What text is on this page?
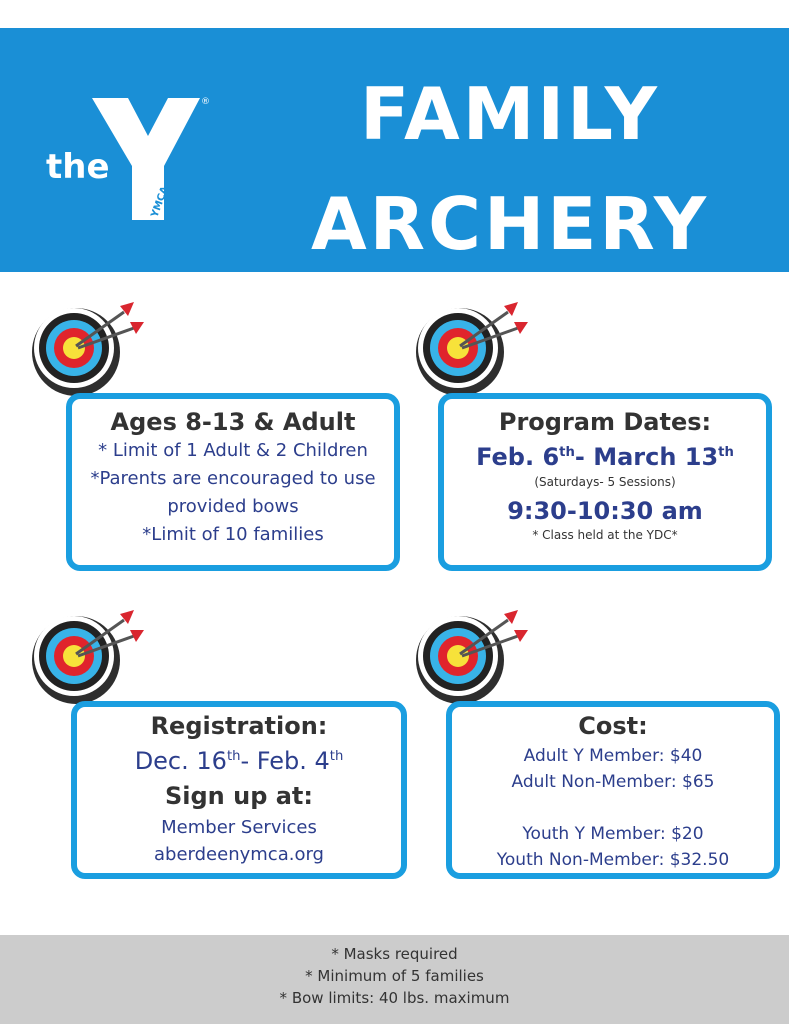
the
®
YMCA
FAMILY
ARCHERY
Ages 8-13 & Adult
* Limit of 1 Adult & 2 Children
*Parents are encouraged to use
provided bows
*Limit of 10 families
Program Dates:
Feb. 6th- March 13th
(Saturdays- 5 Sessions)
9:30-10:30 am
* Class held at the YDC*
Registration:
Dec. 16th- Feb. 4th
Sign up at:
Member Services
aberdeenymca.org
Cost:
Adult Y Member: $40
Adult Non-Member: $65
Youth Y Member: $20
Youth Non-Member: $32.50
* Masks required
* Minimum of 5 families
* Bow limits: 40 lbs. maximum
